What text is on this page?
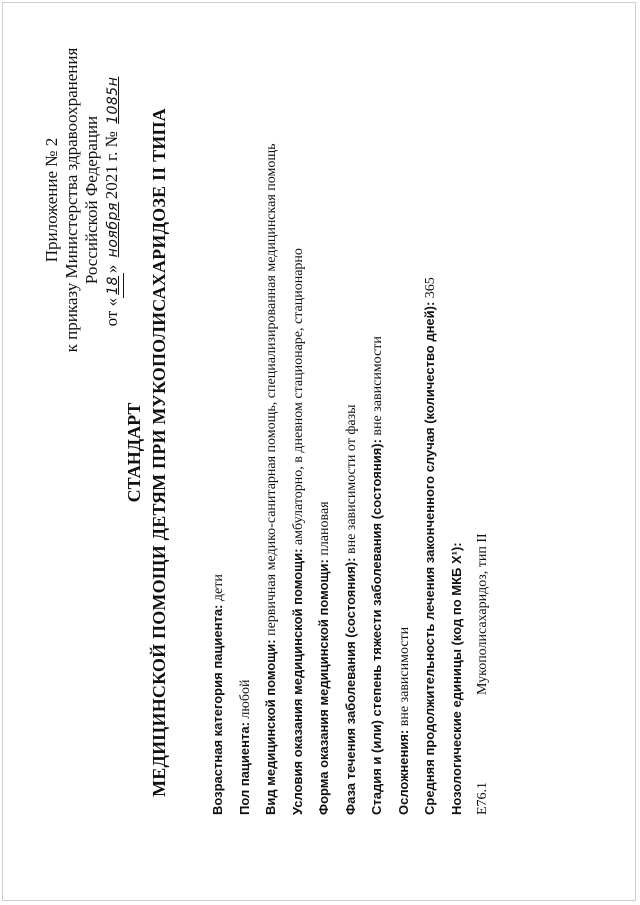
Приложение № 2 к приказу Министерства здравоохранения Российской Федерации
от «18» ноября2021 г. № 1085н
СТАНДАРТ МЕДИЦИНСКОЙ ПОМОЩИ ДЕТЯМ ПРИ МУКОПОЛИСАХАРИДОЗЕ II ТИПА	Возрастная категория пациента: дети
Пол пациента: любой Вид медицинской помощи: первичная медико-санитарная помощь, специализированная медицинская помощь
Условия оказания медицинской помощи: амбулаторно, в дневном стационаре, стационарно
Форма оказания медицинской помощи: плановая
Фаза течения заболевания (состояния): вне зависимости от фазы Стадия и (или) степень тяжести заболевания (состояния): вне зависимости
Осложнения: вне зависимости Средняя продолжительность лечения законченного случая (количество дней): 365
Нозологические единицы (код по МКБ X¹): E76.1
Мукополисахаридоз, тип II
